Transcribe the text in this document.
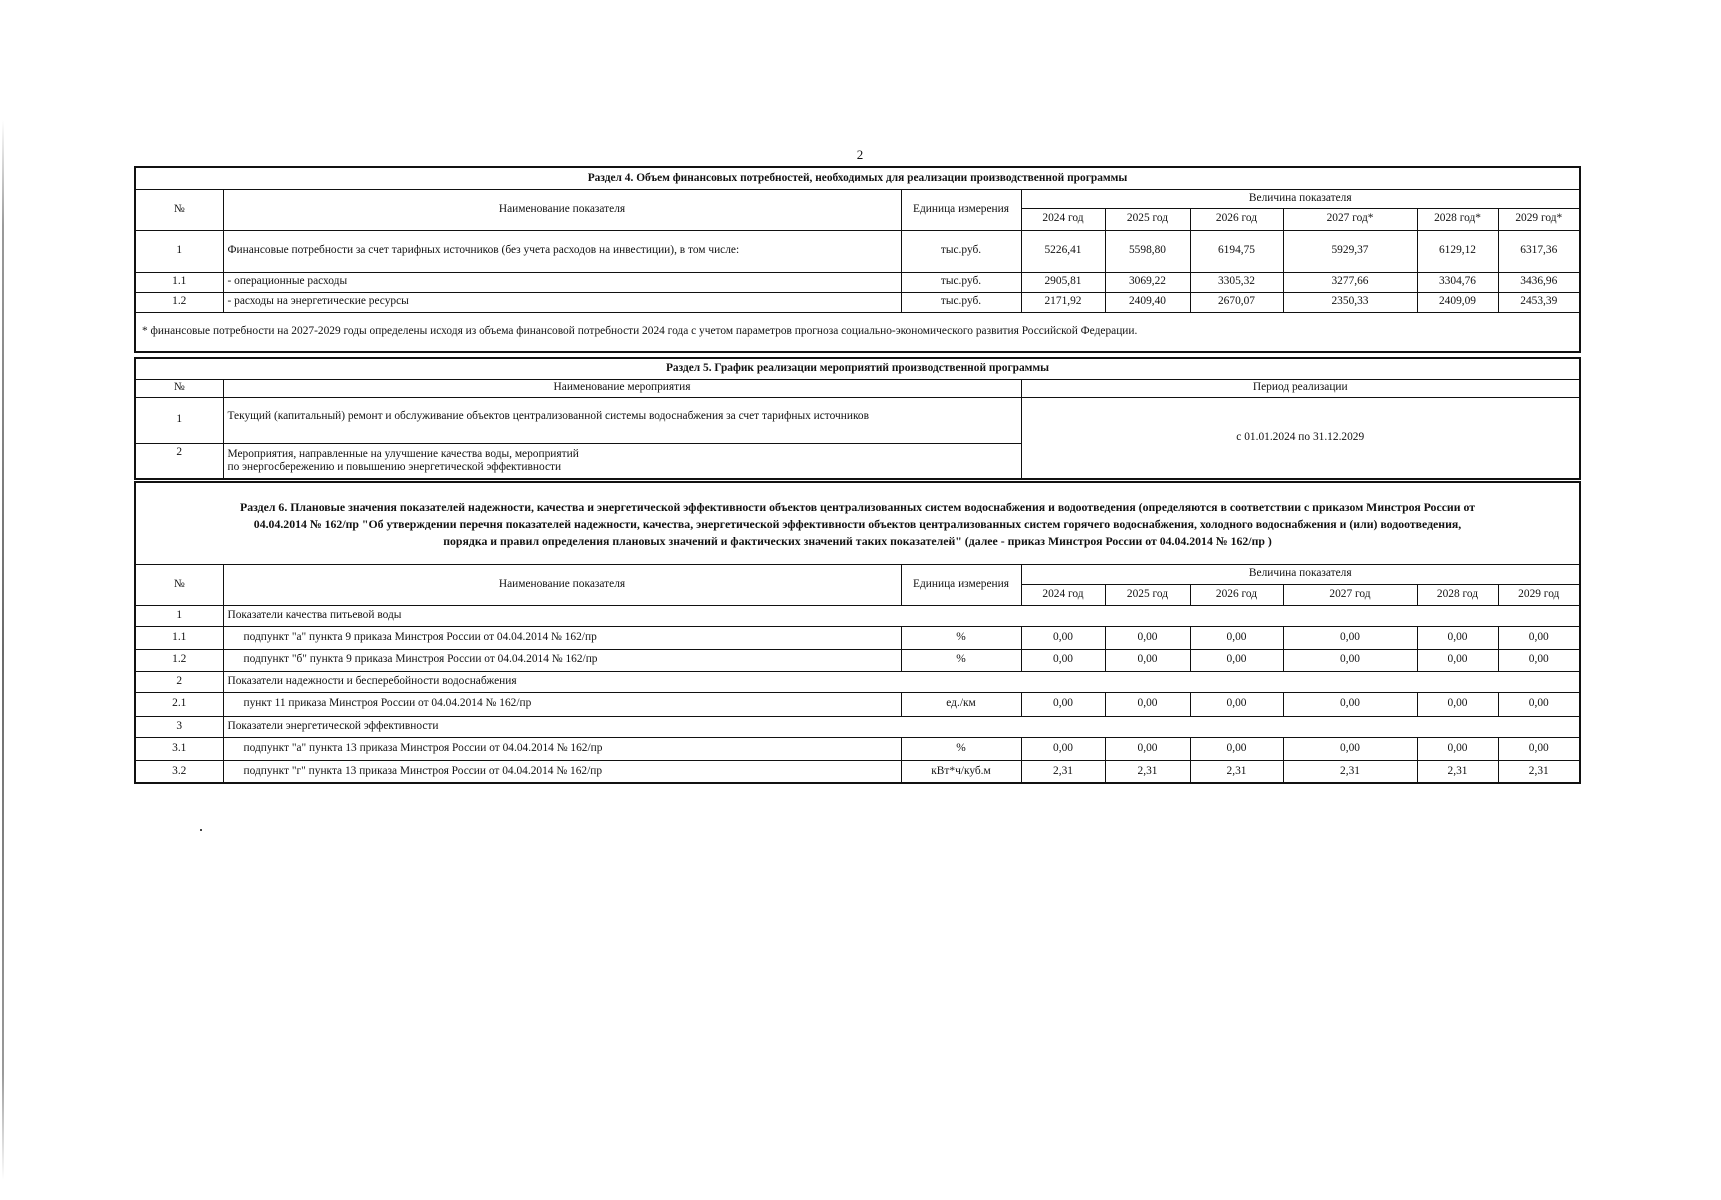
2
Раздел 4. Объем финансовых потребностей, необходимых для реализации производственной программы								
№	Наименование показателя	Единица измерения	Величина показателя					
			2024 год	2025 год	2026 год	2027 год*	2028 год*	2029 год*
1	Финансовые потребности за счет тарифных источников (без учета расходов на инвестиции), в том числе:	тыс.руб.	5226,41	5598,80	6194,75	5929,37	6129,12	6317,36
1.1	- операционные расходы	тыс.руб.	2905,81	3069,22	3305,32	3277,66	3304,76	3436,96
1.2	- расходы на энергетические ресурсы	тыс.руб.	2171,92	2409,40	2670,07	2350,33	2409,09	2453,39
* финансовые потребности на 2027-2029 годы определены исходя из объема финансовой потребности 2024 года с учетом параметров прогноза социально-экономического развития Российской Федерации.								
Раздел 5. График реализации мероприятий производственной программы		
№	Наименование мероприятия	Период реализации
1	Текущий (капитальный) ремонт и обслуживание объектов централизованной системы водоснабжения за счет тарифных источников	с 01.01.2024 по 31.12.2029
2	Мероприятия, направленные на улучшение качества воды, мероприятий
по энергосбережению и повышению энергетической эффективности	
Раздел 6. Плановые значения показателей надежности, качества и энергетической эффективности объектов централизованных систем водоснабжения и водоотведения (определяются в соответствии с приказом Минстроя России от
04.04.2014 № 162/пр "Об утверждении перечня показателей надежности, качества, энергетической эффективности объектов централизованных систем горячего водоснабжения, холодного водоснабжения и (или) водоотведения,
порядка и правил определения плановых значений и фактических значений таких показателей" (далее - приказ Минстроя России от 04.04.2014 № 162/пр )								

№	Наименование показателя	Единица измерения	Величина показателя					
			2024 год	2025 год	2026 год	2027 год	2028 год	2029 год
1	Показатели качества питьевой воды							
1.1	подпункт "а" пункта 9 приказа Минстроя России от 04.04.2014 № 162/пр	%	0,00	0,00	0,00	0,00	0,00	0,00
1.2	подпункт "б" пункта 9 приказа Минстроя России от 04.04.2014 № 162/пр	%	0,00	0,00	0,00	0,00	0,00	0,00
2	Показатели надежности и бесперебойности водоснабжения							
2.1	пункт 11 приказа Минстроя России от 04.04.2014 № 162/пр	ед./км	0,00	0,00	0,00	0,00	0,00	0,00
3	Показатели энергетической эффективности							
3.1	подпункт "а" пункта 13 приказа Минстроя России от 04.04.2014 № 162/пр	%	0,00	0,00	0,00	0,00	0,00	0,00
3.2	подпункт "г" пункта 13 приказа Минстроя России от 04.04.2014 № 162/пр	кВт*ч/куб.м	2,31	2,31	2,31	2,31	2,31	2,31
